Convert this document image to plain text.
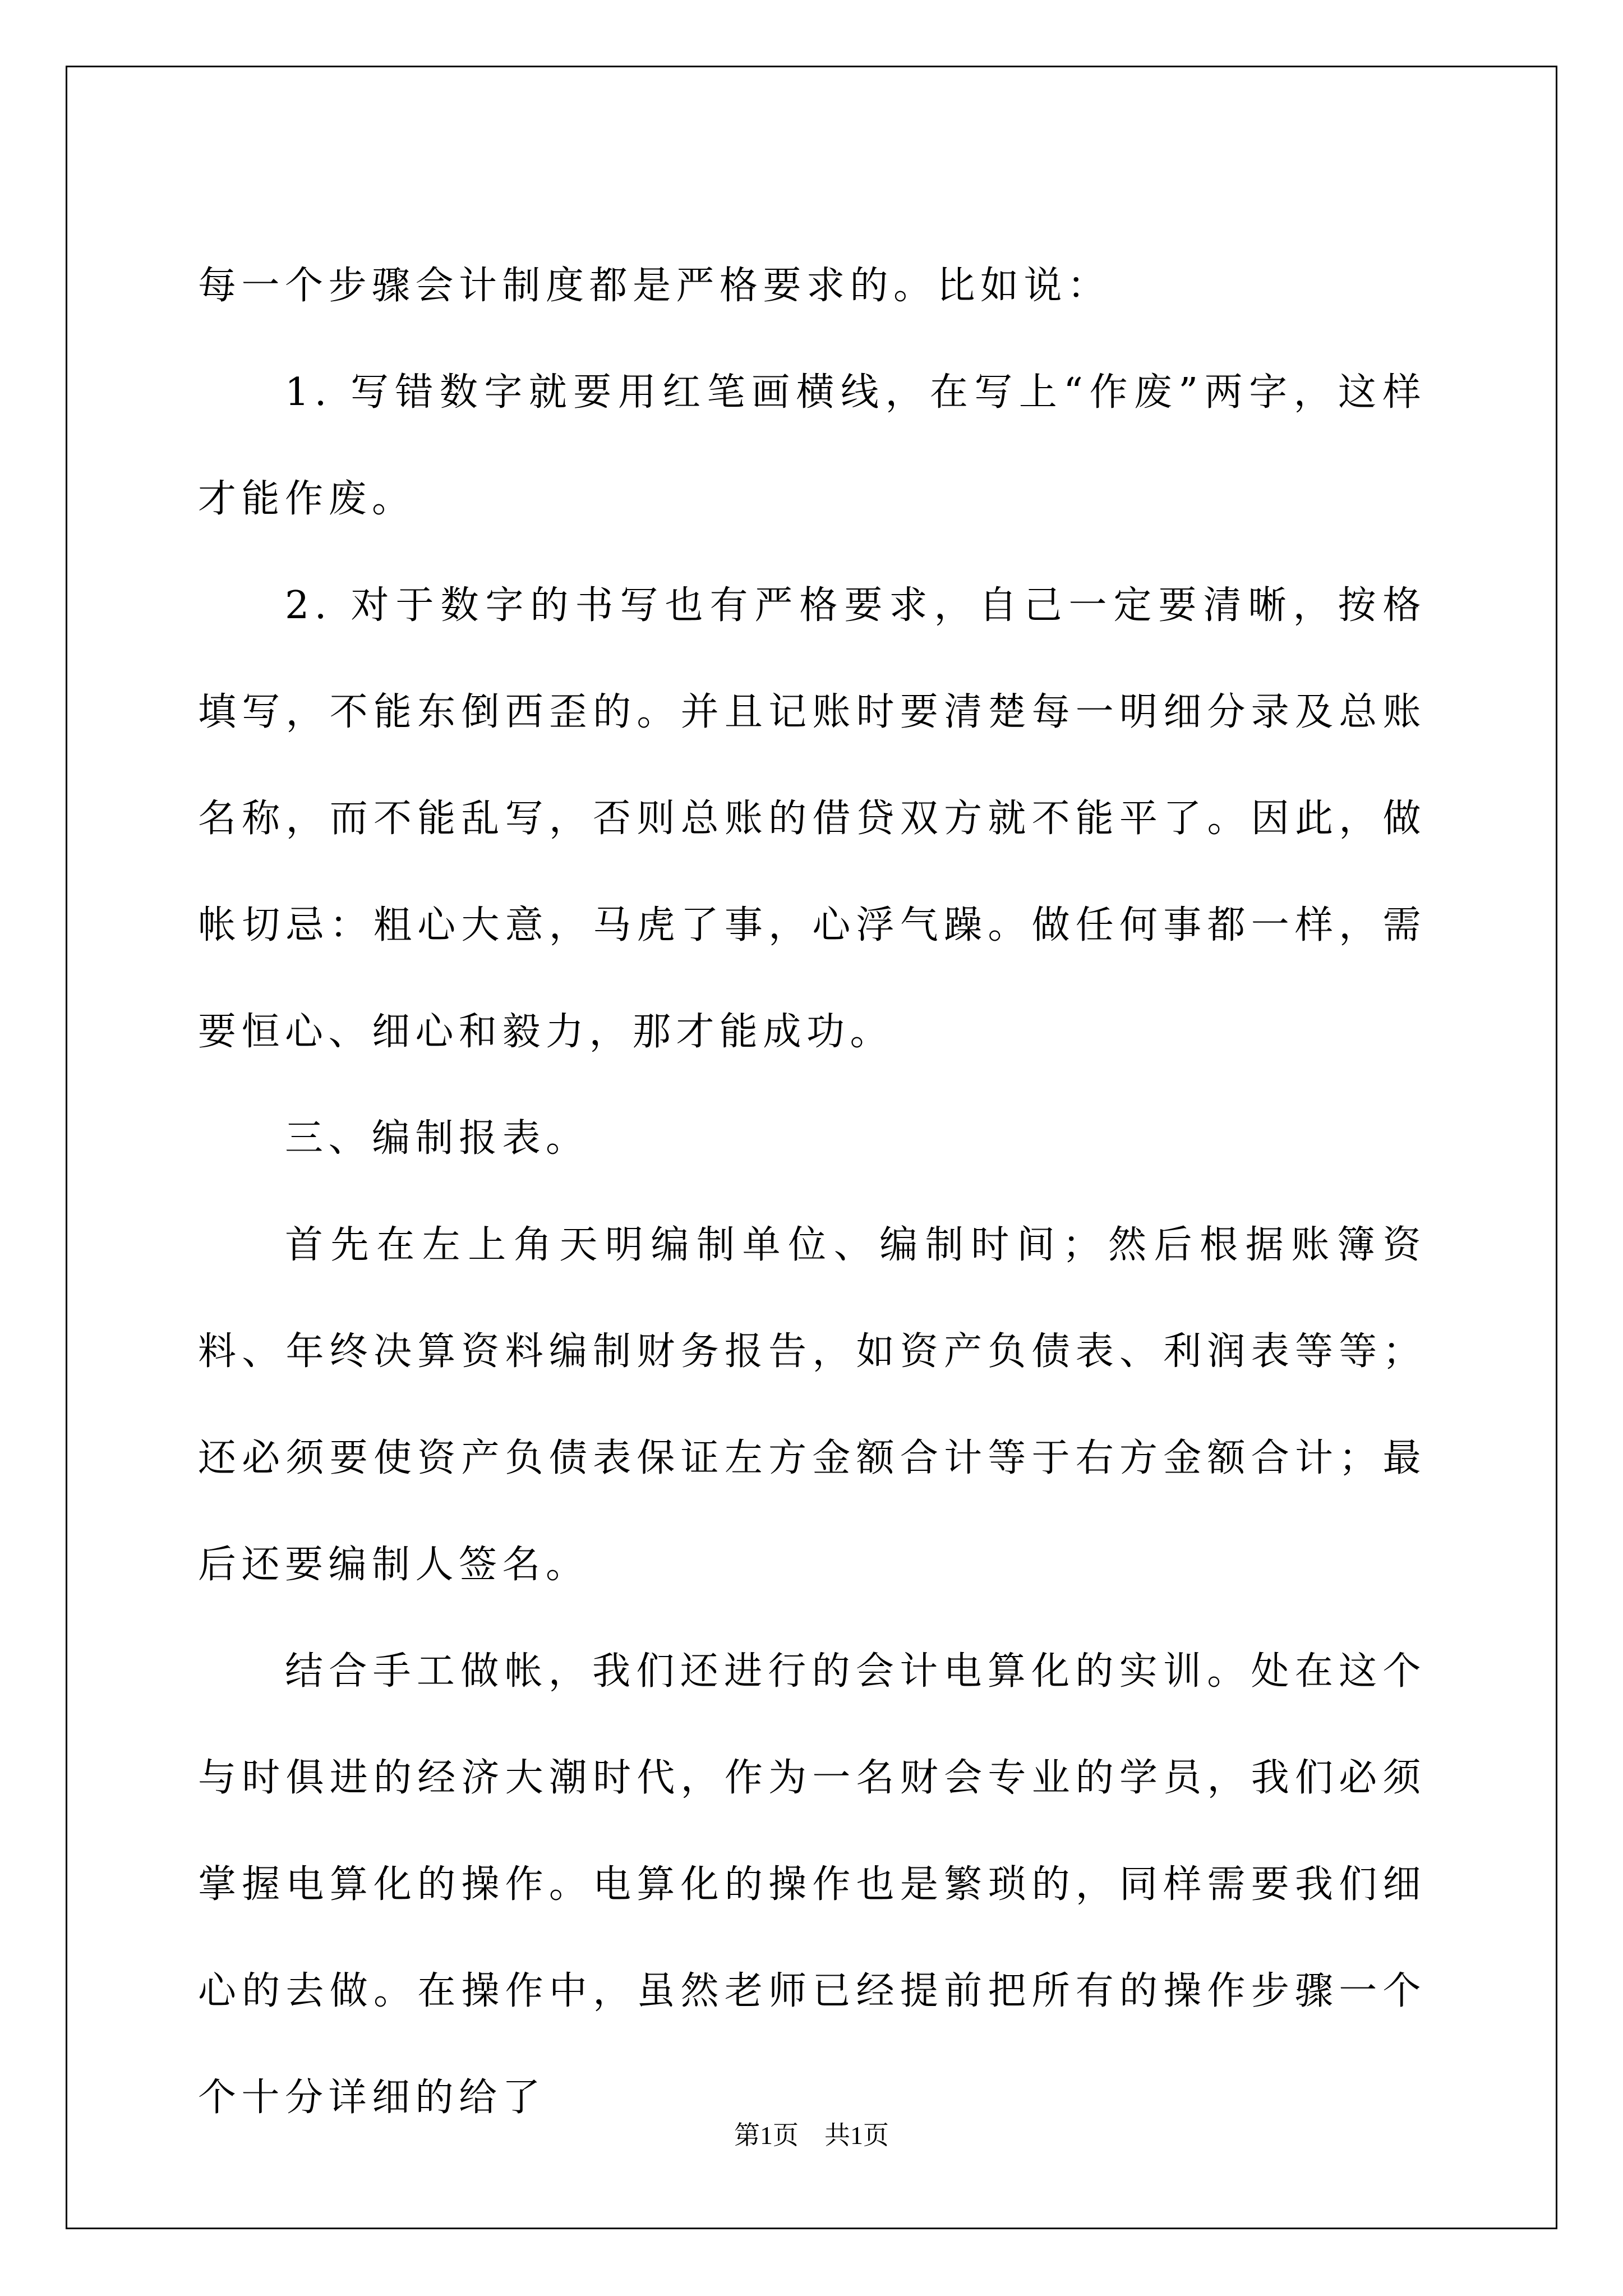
每一个步骤会计制度都是严格要求的。比如说：

1. 写错数字就要用红笔画横线，在写上“作废”两字，这样才能作废。

2. 对于数字的书写也有严格要求，自己一定要清晰，按格填写，不能东倒西歪的。并且记账时要清楚每一明细分录及总账名称，而不能乱写，否则总账的借贷双方就不能平了。因此，做帐切忌：粗心大意，马虎了事，心浮气躁。做任何事都一样，需要恒心、细心和毅力，那才能成功。

三、编制报表。

首先在左上角天明编制单位、编制时间；然后根据账簿资料、年终决算资料编制财务报告，如资产负债表、利润表等等；还必须要使资产负债表保证左方金额合计等于右方金额合计；最后还要编制人签名。

结合手工做帐，我们还进行的会计电算化的实训。处在这个与时俱进的经济大潮时代，作为一名财会专业的学员，我们必须掌握电算化的操作。电算化的操作也是繁琐的，同样需要我们细心的去做。在操作中，虽然老师已经提前把所有的操作步骤一个个十分详细的给了

第1页　共1页
